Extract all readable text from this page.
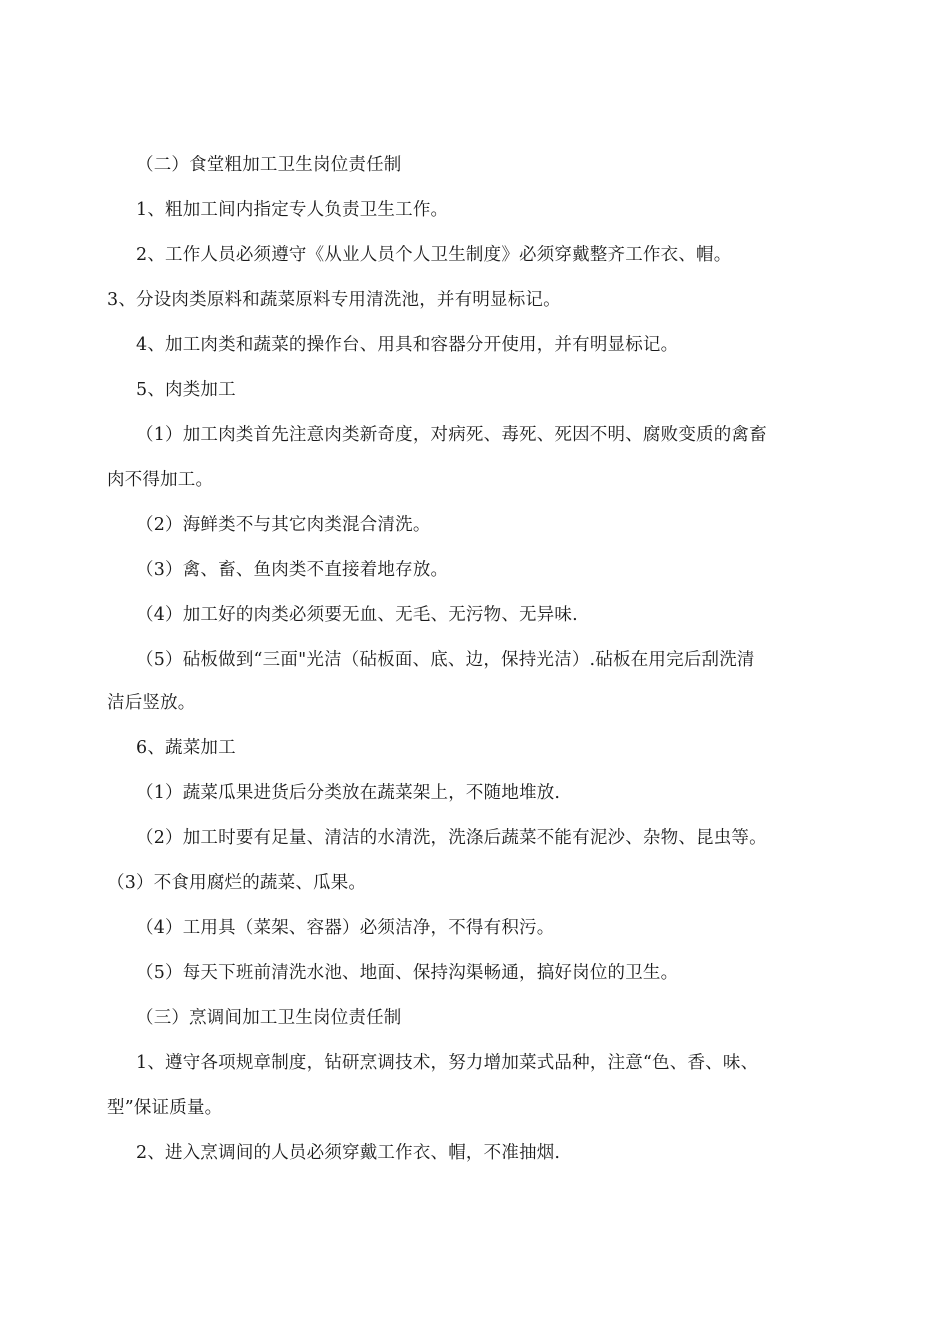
（二）食堂粗加工卫生岗位责任制
1、粗加工间内指定专人负责卫生工作。
2、工作人员必须遵守《从业人员个人卫生制度》必须穿戴整齐工作衣、帽。
3、分设肉类原料和蔬菜原料专用清洗池，并有明显标记。
4、加工肉类和蔬菜的操作台、用具和容器分开使用，并有明显标记。
5、肉类加工
（1）加工肉类首先注意肉类新奇度，对病死、毒死、死因不明、腐败变质的禽畜
肉不得加工。
（2）海鲜类不与其它肉类混合清洗。
（3）禽、畜、鱼肉类不直接着地存放。
（4）加工好的肉类必须要无血、无毛、无污物、无异味.
（5）砧板做到“三面"光洁（砧板面、底、边，保持光洁）.砧板在用完后刮洗清
洁后竖放。
6、蔬菜加工
（1）蔬菜瓜果进货后分类放在蔬菜架上，不随地堆放.
（2）加工时要有足量、清洁的水清洗，洗涤后蔬菜不能有泥沙、杂物、昆虫等。
（3）不食用腐烂的蔬菜、瓜果。
（4）工用具（菜架、容器）必须洁净，不得有积污。
（5）每天下班前清洗水池、地面、保持沟渠畅通，搞好岗位的卫生。
（三）烹调间加工卫生岗位责任制
1、遵守各项规章制度，钻研烹调技术，努力增加菜式品种，注意“色、香、味、
型”保证质量。
2、进入烹调间的人员必须穿戴工作衣、帽，不准抽烟.
